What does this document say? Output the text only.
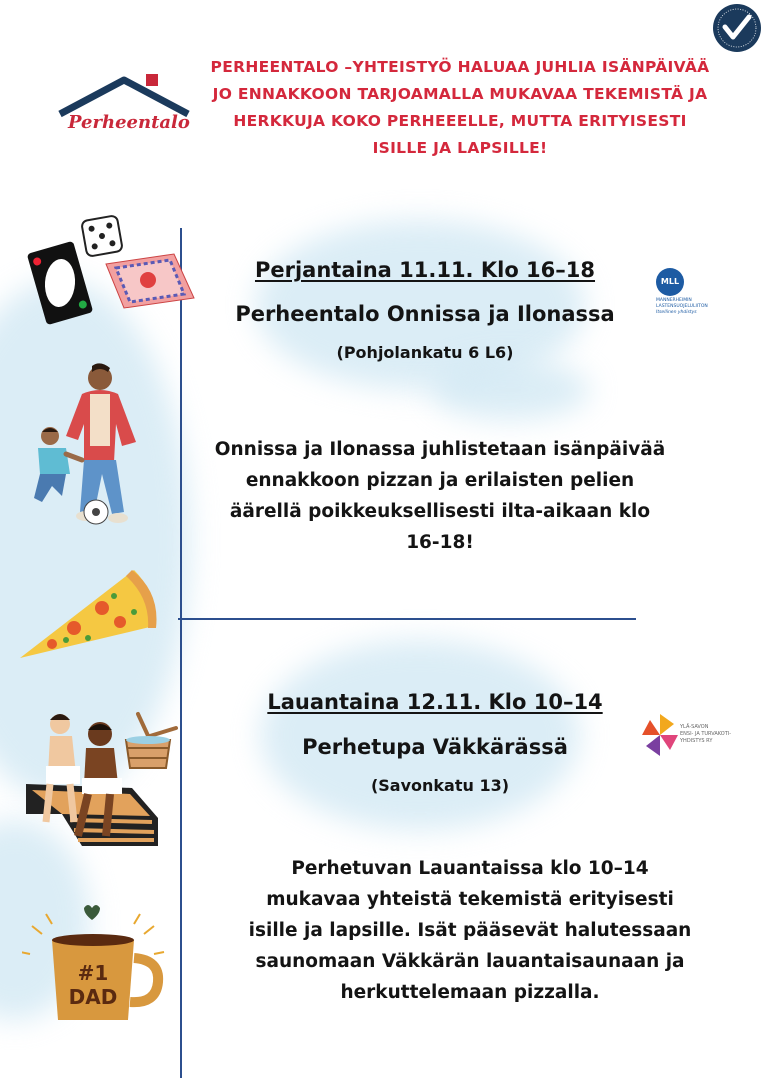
Perheentalo
PERHEENTALO –YHTEISTYÖ HALUAA JUHLIA ISÄNPÄIVÄÄ
JO ENNAKKOON TARJOAMALLA MUKAVAA TEKEMISTÄ JA
HERKKUJA KOKO PERHEEELLE, MUTTA ERITYISESTI
ISILLE JA LAPSILLE!
Perjantaina 11.11. Klo 16–18
Perheentalo Onnissa ja Ilonassa
(Pohjolankatu 6 L6)
MLL
MANNERHEIMIN
LASTENSUOJELULIITON
Itsellinen yhdistys
Onnissa ja Ilonassa juhlistetaan isänpäivää
ennakkoon pizzan ja erilaisten pelien
äärellä poikkeuksellisesti ilta-aikaan klo
16-18!
Lauantaina 12.11. Klo 10–14
Perhetupa Väkkärässä
(Savonkatu 13)
YLÄ-SAVON
ENSI- JA TURVAKOTI-
YHDISTYS RY
Perhetuvan Lauantaissa klo 10–14
mukavaa yhteistä tekemistä erityisesti
isille ja lapsille. Isät pääsevät halutessaan
saunomaan Väkkärän lauantaisaunaan ja
herkuttelemaan pizzalla.
#1
DAD
